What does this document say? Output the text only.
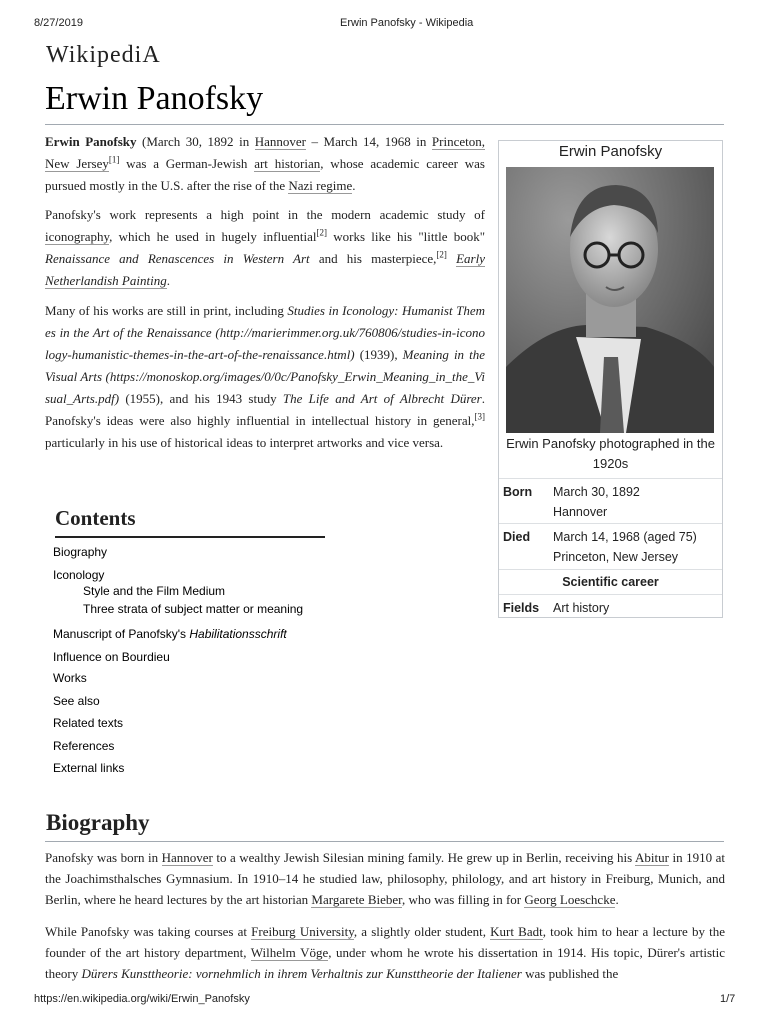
8/27/2019	Erwin Panofsky - Wikipedia
WikipediA
Erwin Panofsky

Erwin Panofsky (March 30, 1892 in Hannover – March 14, 1968 in Princeton, New Jersey[1] was a German-Jewish art historian, whose academic career was pursued mostly in the U.S. after the rise of the Nazi regime.

Panofsky's work represents a high point in the modern academic study of iconography, which he used in hugely influential[2] works like his "little book" Renaissance and Renascences in Western Art and his masterpiece,[2] Early Netherlandish Painting.

Many of his works are still in print, including Studies in Iconology: Humanist Themes in the Art of the Renaissance (http://marierimmer.org.uk/760806/studies-in-iconology-humanistic-themes-in-the-art-of-the-renaissance.html) (1939), Meaning in the Visual Arts (https://monoskop.org/images/0/0c/Panofsky_Erwin_Meaning_in_the_Visual_Arts.pdf) (1955), and his 1943 study The Life and Art of Albrecht Dürer. Panofsky's ideas were also highly influential in intellectual history in general,[3] particularly in his use of historical ideas to interpret artworks and vice versa.

Erwin Panofsky
Erwin Panofsky photographed in the 1920s
Born March 30, 1892
Hannover
Died March 14, 1968 (aged 75)
Princeton, New Jersey
Scientific career
Fields Art history
Contents
Biography
Iconology
Style and the Film Medium
Three strata of subject matter or meaning
Manuscript of Panofsky's Habilitationsschrift
Influence on Bourdieu
Works
See also
Related texts
References
External links
Biography

Panofsky was born in Hannover to a wealthy Jewish Silesian mining family. He grew up in Berlin, receiving his Abitur in 1910 at the Joachimsthalsches Gymnasium. In 1910–14 he studied law, philosophy, philology, and art history in Freiburg, Munich, and Berlin, where he heard lectures by the art historian Margarete Bieber, who was filling in for Georg Loeschcke.

While Panofsky was taking courses at Freiburg University, a slightly older student, Kurt Badt, took him to hear a lecture by the founder of the art history department, Wilhelm Vöge, under whom he wrote his dissertation in 1914. His topic, Dürer's artistic theory Dürers Kunsttheorie: vornehmlich in ihrem Verhaltnis zur Kunsttheorie der Italiener was published the

https://en.wikipedia.org/wiki/Erwin_Panofsky	1/7
